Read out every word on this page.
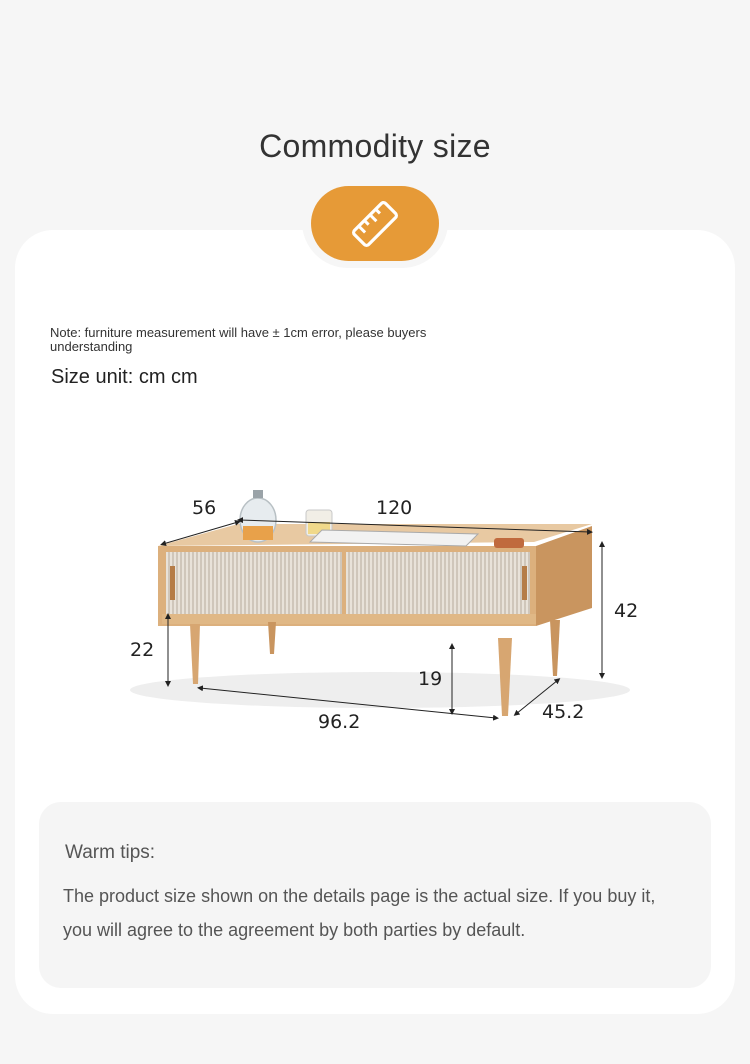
Commodity size
Note: furniture measurement will have ± 1cm error, please buyers understanding
Size unit: cm cm
56	120
42
22
19
96.2	45.2
Warm tips:
The product size shown on the details page is the actual size. If you buy it, you will agree to the agreement by both parties by default.
